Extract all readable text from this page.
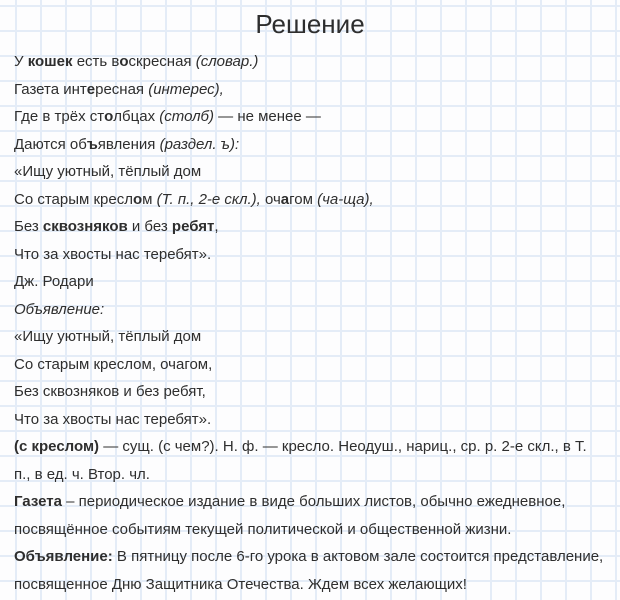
Решение
У кошек есть воскресная (словар.)
Газета интересная (интерес),
Где в трёх столбцах (столб) — не менее —
Даются объявления (раздел. ъ):
«Ищу уютный, тёплый дом
Со старым креслом (Т. п., 2-е скл.), очагом (ча-ща),
Без сквозняков и без ребят,
Что за хвосты нас теребят».
Дж. Родари
Объявление:
«Ищу уютный, тёплый дом
Со старым креслом, очагом,
Без сквозняков и без ребят,
Что за хвосты нас теребят».
(с креслом) — сущ. (с чем?). Н. ф. — кресло. Неодуш., нариц., ср. р. 2-е скл., в Т. п., в ед. ч. Втор. чл.
Газета – периодическое издание в виде больших листов, обычно ежедневное, посвящённое событиям текущей политической и общественной жизни.
Объявление: В пятницу после 6-го урока в актовом зале состоится представление, посвященное Дню Защитника Отечества. Ждем всех желающих!
